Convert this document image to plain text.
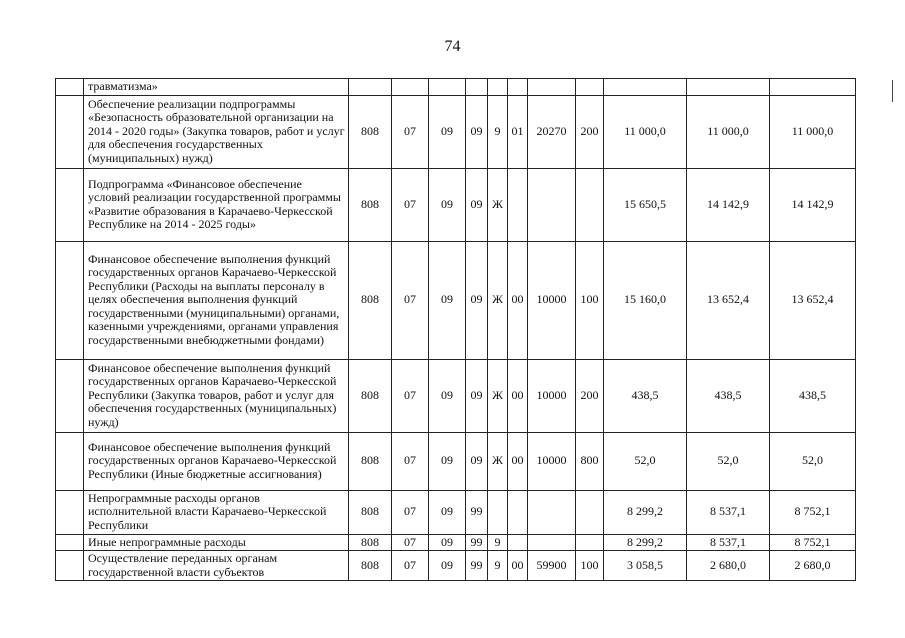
74
	травматизма»											
	Обеспечение реализации подпрограммы «Безопасность образовательной организации на 2014 - 2020 годы» (Закупка товаров, работ и услуг для обеспечения государственных (муниципальных) нужд)	808	07	09	09	9	01	20270	200	11 000,0	11 000,0	11 000,0
	Подпрограмма «Финансовое обеспечение условий реализации государственной программы «Развитие образования в Карачаево-Черкесской Республике на 2014 - 2025 годы»	808	07	09	09	Ж				15 650,5	14 142,9	14 142,9
	Финансовое обеспечение выполнения функций государственных органов Карачаево-Черкесской Республики (Расходы на выплаты персоналу в целях обеспечения выполнения функций государственными (муниципальными) органами, казенными учреждениями, органами управления государственными внебюджетными фондами)	808	07	09	09	Ж	00	10000	100	15 160,0	13 652,4	13 652,4
	Финансовое обеспечение выполнения функций государственных органов Карачаево-Черкесской Республики (Закупка товаров, работ и услуг для обеспечения государственных (муниципальных) нужд)	808	07	09	09	Ж	00	10000	200	438,5	438,5	438,5
	Финансовое обеспечение выполнения функций государственных органов Карачаево-Черкесской Республики (Иные бюджетные ассигнования)	808	07	09	09	Ж	00	10000	800	52,0	52,0	52,0
	Непрограммные расходы органов исполнительной власти Карачаево-Черкесской Республики	808	07	09	99					8 299,2	8 537,1	8 752,1
	Иные непрограммные расходы	808	07	09	99	9				8 299,2	8 537,1	8 752,1
	Осуществление переданных органам государственной власти субъектов	808	07	09	99	9	00	59900	100	3 058,5	2 680,0	2 680,0
